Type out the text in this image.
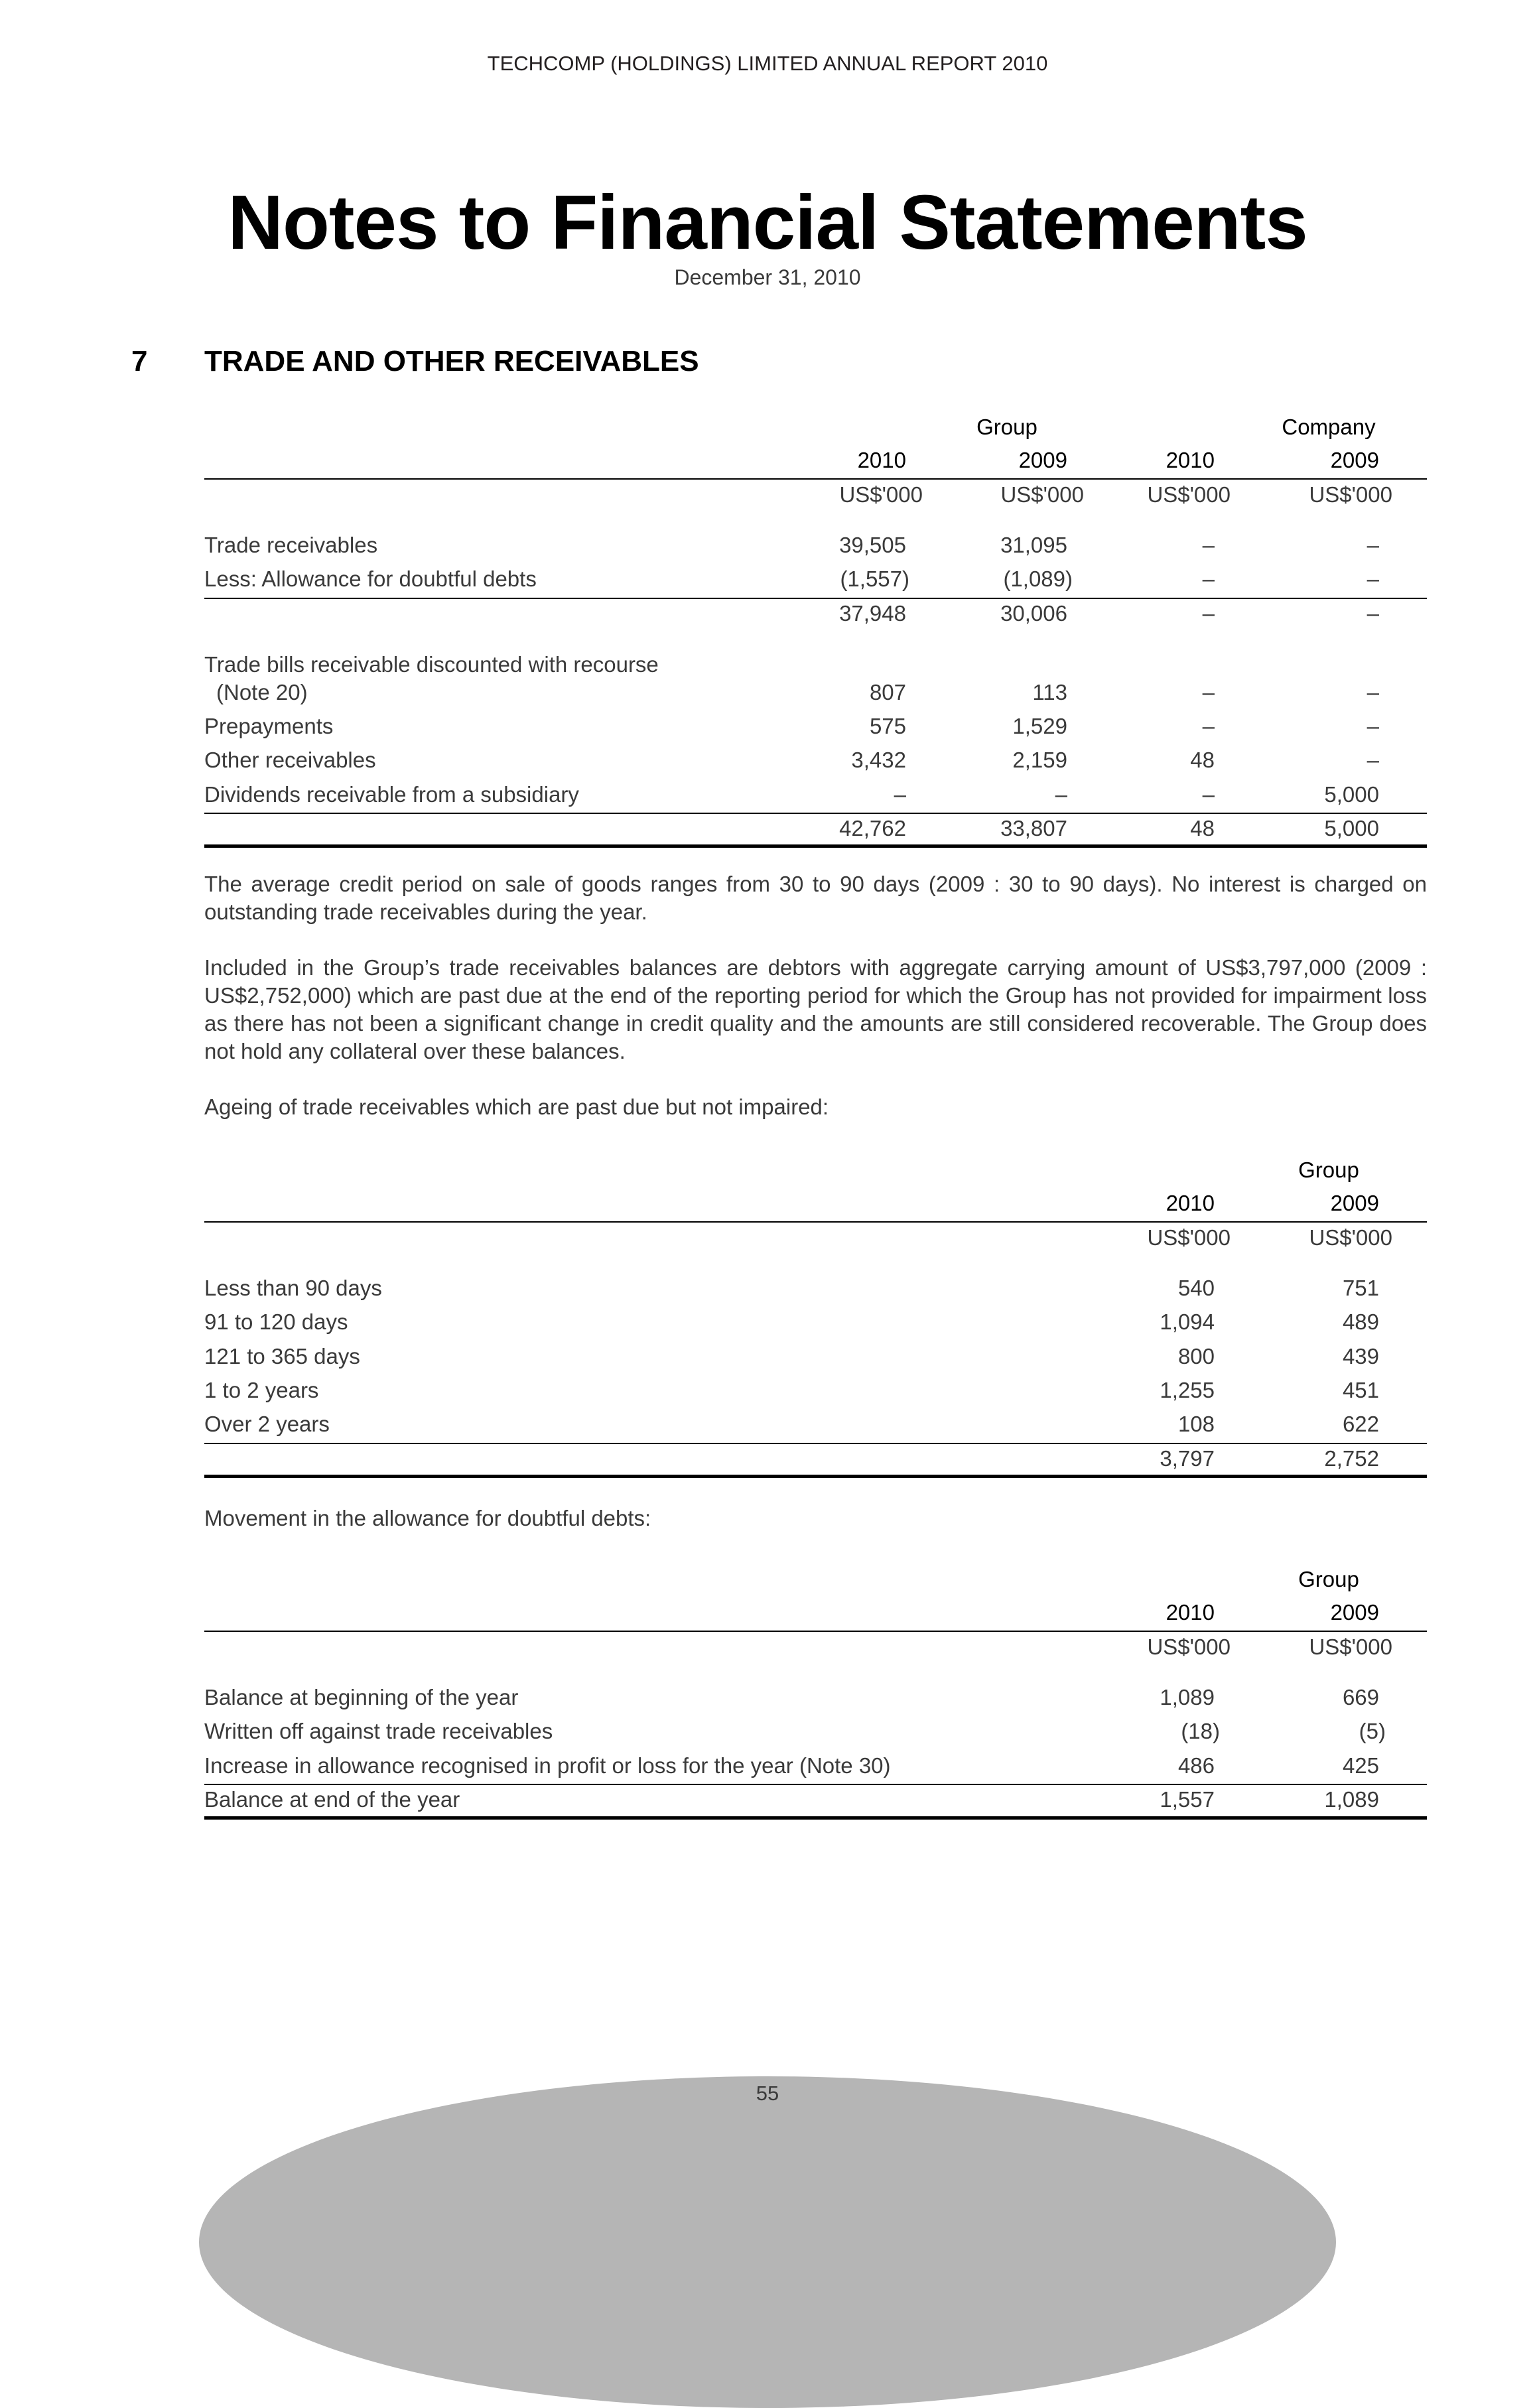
TECHCOMP (HOLDINGS) LIMITED ANNUAL REPORT 2010
Notes to Financial Statements
December 31, 2010
7 TRADE AND OTHER RECEIVABLES
Group	Company
2010	2009	2010	2009
US$'000	US$'000	US$'000	US$'000
Trade receivables	39,505	31,095	–	–
Less: Allowance for doubtful debts	(1,557)	(1,089)	–	–
37,948	30,006	–	–
Trade bills receivable discounted with recourse
(Note 20)	807	113	–	–
Prepayments	575	1,529	–	–
Other receivables	3,432	2,159	48	–
Dividends receivable from a subsidiary	–	–	–	5,000
42,762	33,807	48	5,000
The average credit period on sale of goods ranges from 30 to 90 days (2009 : 30 to 90 days). No interest is charged on outstanding trade receivables during the year.
Included in the Group’s trade receivables balances are debtors with aggregate carrying amount of US$3,797,000 (2009 : US$2,752,000) which are past due at the end of the reporting period for which the Group has not provided for impairment loss as there has not been a significant change in credit quality and the amounts are still considered recoverable. The Group does not hold any collateral over these balances.
Ageing of trade receivables which are past due but not impaired:
Group
2010	2009
US$'000	US$'000
Less than 90 days	540	751
91 to 120 days	1,094	489
121 to 365 days	800	439
1 to 2 years	1,255	451
Over 2 years	108	622
3,797	2,752
Movement in the allowance for doubtful debts:
Group
2010	2009
US$'000	US$'000
Balance at beginning of the year	1,089	669
Written off against trade receivables	(18)	(5)
Increase in allowance recognised in profit or loss for the year (Note 30)	486	425
Balance at end of the year	1,557	1,089
55
